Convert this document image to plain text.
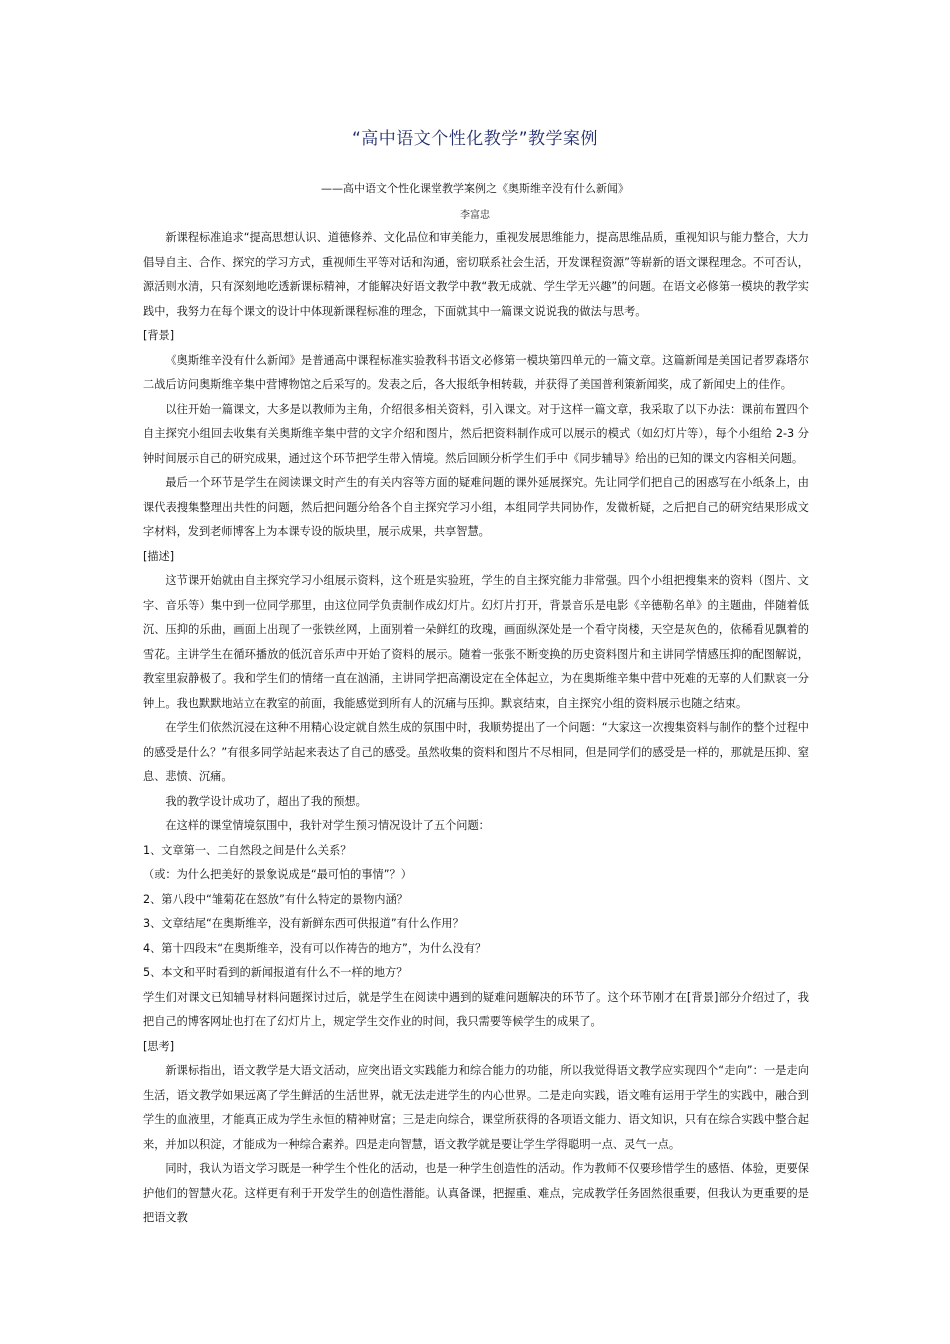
“高中语文个性化教学”教学案例
——高中语文个性化课堂教学案例之《奥斯维辛没有什么新闻》
李富忠

新课程标准追求“提高思想认识、道德修养、文化品位和审美能力，重视发展思维能力，提高思维品质，重视知识与能力整合，大力倡导自主、合作、探究的学习方式，重视师生平等对话和沟通，密切联系社会生活，开发课程资源”等崭新的语文课程理念。不可否认，源活则水清，只有深刻地吃透新课标精神，才能解决好语文教学中教“教无成就、学生学无兴趣”的问题。在语文必修第一模块的教学实践中，我努力在每个课文的设计中体现新课程标准的理念，下面就其中一篇课文说说我的做法与思考。

[背景]

《奥斯维辛没有什么新闻》是普通高中课程标准实验教科书语文必修第一模块第四单元的一篇文章。这篇新闻是美国记者罗森塔尔二战后访问奥斯维辛集中营博物馆之后采写的。发表之后，各大报纸争相转载，并获得了美国普利策新闻奖，成了新闻史上的佳作。

以往开始一篇课文，大多是以教师为主角，介绍很多相关资料，引入课文。对于这样一篇文章，我采取了以下办法：课前布置四个自主探究小组回去收集有关奥斯维辛集中营的文字介绍和图片，然后把资料制作成可以展示的模式（如幻灯片等），每个小组给 2-3 分钟时间展示自己的研究成果，通过这个环节把学生带入情境。然后回顾分析学生们手中《同步辅导》给出的已知的课文内容相关问题。

最后一个环节是学生在阅读课文时产生的有关内容等方面的疑难问题的课外延展探究。先让同学们把自己的困惑写在小纸条上，由课代表搜集整理出共性的问题，然后把问题分给各个自主探究学习小组，本组同学共同协作，发微析疑，之后把自己的研究结果形成文字材料，发到老师博客上为本课专设的版块里，展示成果，共享智慧。

[描述]

这节课开始就由自主探究学习小组展示资料，这个班是实验班，学生的自主探究能力非常强。四个小组把搜集来的资料（图片、文字、音乐等）集中到一位同学那里，由这位同学负责制作成幻灯片。幻灯片打开，背景音乐是电影《辛德勒名单》的主题曲，伴随着低沉、压抑的乐曲，画面上出现了一张铁丝网，上面别着一朵鲜红的玫瑰，画面纵深处是一个看守岗楼，天空是灰色的，依稀看见飘着的雪花。主讲学生在循环播放的低沉音乐声中开始了资料的展示。随着一张张不断变换的历史资料图片和主讲同学情感压抑的配图解说，教室里寂静极了。我和学生们的情绪一直在汹涌，主讲同学把高潮设定在全体起立，为在奥斯维辛集中营中死难的无辜的人们默哀一分钟上。我也默默地站立在教室的前面，我能感觉到所有人的沉痛与压抑。默哀结束，自主探究小组的资料展示也随之结束。

在学生们依然沉浸在这种不用精心设定就自然生成的氛围中时，我顺势提出了一个问题：“大家这一次搜集资料与制作的整个过程中的感受是什么？”有很多同学站起来表达了自己的感受。虽然收集的资料和图片不尽相同，但是同学们的感受是一样的，那就是压抑、窒息、悲愤、沉痛。

我的教学设计成功了，超出了我的预想。

在这样的课堂情境氛围中，我针对学生预习情况设计了五个问题：

1、文章第一、二自然段之间是什么关系？

（或：为什么把美好的景象说成是“最可怕的事情”？）

2、第八段中“雏菊花在怒放”有什么特定的景物内涵？

3、文章结尾“在奥斯维辛，没有新鲜东西可供报道”有什么作用？

4、第十四段末“在奥斯维辛，没有可以作祷告的地方”，为什么没有？

5、本文和平时看到的新闻报道有什么不一样的地方？

学生们对课文已知辅导材料问题探讨过后，就是学生在阅读中遇到的疑难问题解决的环节了。这个环节刚才在[背景]部分介绍过了，我把自己的博客网址也打在了幻灯片上，规定学生交作业的时间，我只需要等候学生的成果了。

[思考]

新课标指出，语文教学是大语文活动，应突出语文实践能力和综合能力的功能，所以我觉得语文教学应实现四个“走向”：一是走向生活，语文教学如果远离了学生鲜活的生活世界，就无法走进学生的内心世界。二是走向实践，语文唯有运用于学生的实践中，融合到学生的血液里，才能真正成为学生永恒的精神财富；三是走向综合，课堂所获得的各项语文能力、语文知识，只有在综合实践中整合起来，并加以积淀，才能成为一种综合素养。四是走向智慧，语文教学就是要让学生学得聪明一点、灵气一点。

同时，我认为语文学习既是一种学生个性化的活动，也是一种学生创造性的活动。作为教师不仅要珍惜学生的感悟、体验，更要保护他们的智慧火花。这样更有利于开发学生的创造性潜能。认真备课，把握重、难点，完成教学任务固然很重要，但我认为更重要的是把语文教
